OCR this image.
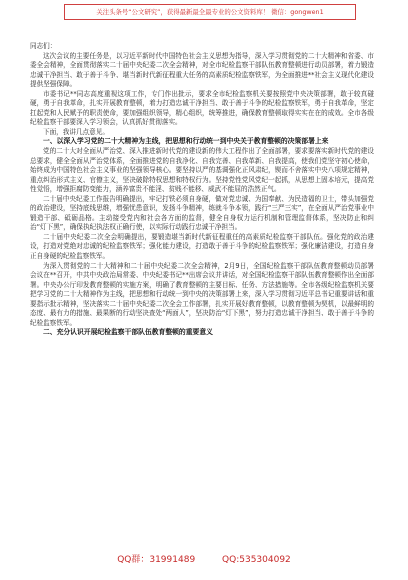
关注头条号“公文研究”，获得最新最全最专业的公文资料库！ 微信：gongwen1

同志们：

这次会议的主要任务是，以习近平新时代中国特色社会主义思想为指导，深入学习贯彻党的二十大精神和省委、市委全会精神，全面贯彻落实二十届中央纪委二次全会精神，对全市纪检监察干部队伍教育整顿进行动员部署，着力锻造忠诚干净担当、敢于善于斗争、堪当新时代新征程重大任务的高素质纪检监察铁军，为全面推进**社会主义现代化建设提供坚强保障。

市委书记**同志高度重视这项工作，专门作出批示，要求全市纪检监察机关要按照党中央决策部署，敢于较真碰硬，勇于自我革命，扎实开展教育整顿，着力打造忠诚干净担当、敢于善于斗争的纪检监察铁军，勇于自我革命，坚定扛起党和人民赋予的职责使命，要加强组织领导，精心组织，统筹推进，确保教育整顿取得实实在在的成效。全市各级纪检监察干部要深入学习领会，认真抓好贯彻落实。

下面，我讲几点意见。

一、以深入学习党的二十大精神为主线，把思想和行动统一到中央关于教育整顿的决策部署上来

党的二十大对全面从严治党、深入推进新时代党的建设新的伟大工程作出了全面部署，要求要落实新时代党的建设总要求，健全全面从严治党体系，全面推进党的自我净化、自我完善、自我革新、自我提高，使我们党坚守初心使命，始终成为中国特色社会主义事业的坚强领导核心。要坚持以严的基调强化正风肃纪，锲而不舍落实中央八项规定精神，重点纠治形式主义、官僚主义，坚决破除特权思想和特权行为。坚持党性党风党纪一起抓，从思想上固本培元，提高党性觉悟，增强拒腐防变能力，涵养富贵不能淫、贫贱不能移、威武不能屈的浩然正气。

二十届中央纪委工作报告明确提出，牢记打铁必须自身硬，做对党忠诚、为国奉献、为民造福的卫士，带头加强党的政治建设，坚持底线思维，增强忧患意识，发扬斗争精神，练就斗争本领，践行“三严三实”，在全面从严治党事业中锻造干部、砥砺品格。主动接受党内和社会各方面的监督，健全自身权力运行机制和管理监督体系，坚决防止和纠治“灯下黑”，确保执纪执法权正确行使，以实际行动践行忠诚干净担当。

二十届中央纪委二次全会明确提出，要锻造堪当新时代新征程重任的高素质纪检监察干部队伍。强化党的政治建设，打造对党绝对忠诚的纪检监察铁军；强化能力建设，打造敢于善于斗争的纪检监察铁军；强化廉洁建设，打造自身正自身硬的纪检监察铁军。

为深入贯彻党的二十大精神和二十届中央纪委二次全会精神，2月9日，全国纪检监察干部队伍教育整顿动员部署会议在**召开，中共中央政治局常委、中央纪委书记**出席会议并讲话，对全国纪检监察干部队伍教育整顿作出全面部署。中央办公厅印发教育整顿的实施方案，明确了教育整顿的主要目标、任务、方法措施等。全市各级纪检监察机关要把学习党的二十大精神作为主线，把思想和行动统一到中央的决策部署上来，深入学习贯彻习近平总书记重要讲话和重要指示批示精神，坚决落实二十届中央纪委二次全会工作部署，扎实开展好教育整顿，以教育整顿为契机，以最鲜明的态度、最有力的措施、最果断的行动坚决查处“两面人”，坚决防治“灯下黑”，努力打造忠诚干净担当、敢于善于斗争的纪检监察铁军。

二、充分认识开展纪检监察干部队伍教育整顿的重要意义

QQ群：31991489	QQ:535304092
